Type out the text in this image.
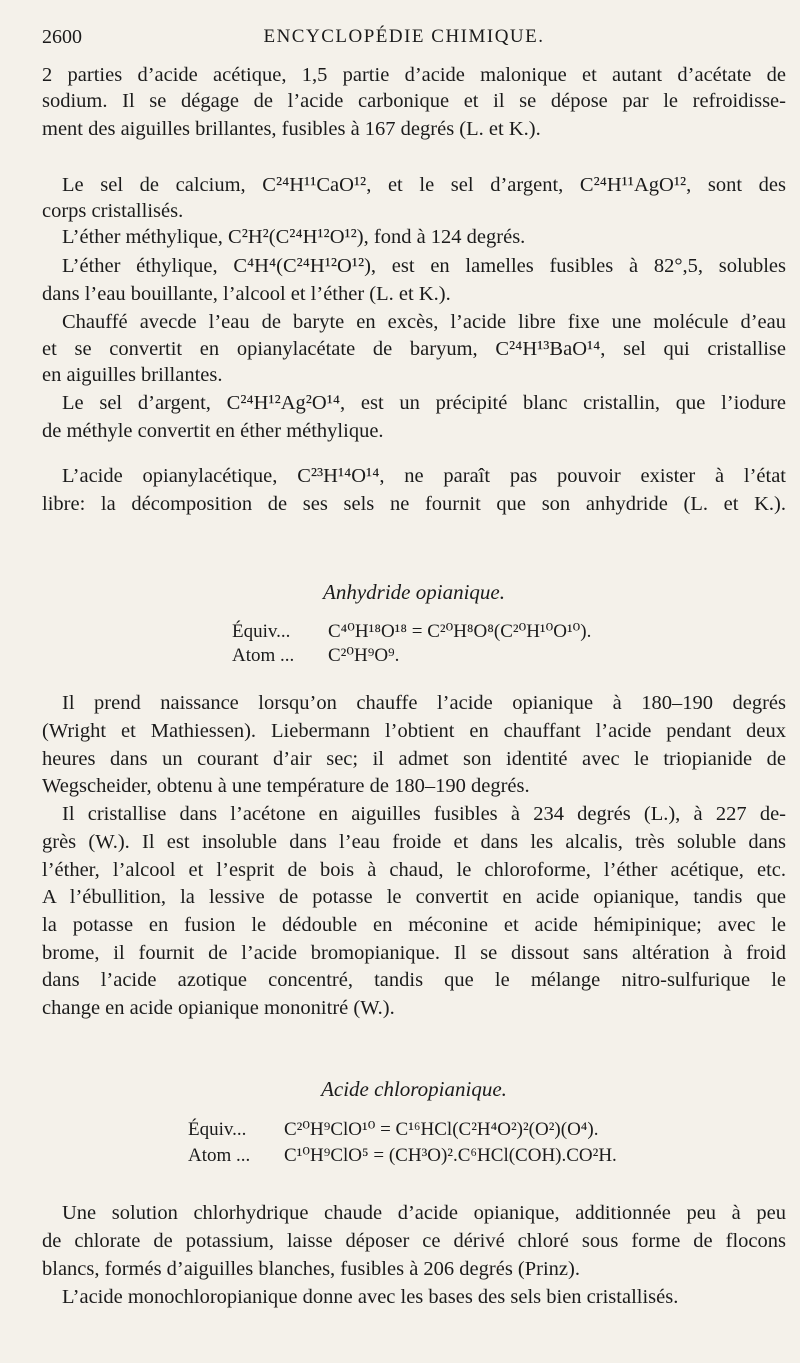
2600	ENCYCLOPÉDIE CHIMIQUE.
2 parties d’acide acétique, 1,5 partie d’acide malonique et autant d’acétate de
sodium. Il se dégage de l’acide carbonique et il se dépose par le refroidisse-
ment des aiguilles brillantes, fusibles à 167 degrés (L. et K.).
Le sel de calcium, C²⁴H¹¹CaO¹², et le sel d’argent, C²⁴H¹¹AgO¹², sont des
corps cristallisés.
L’éther méthylique, C²H²(C²⁴H¹²O¹²), fond à 124 degrés.
L’éther éthylique, C⁴H⁴(C²⁴H¹²O¹²), est en lamelles fusibles à 82°,5, solubles
dans l’eau bouillante, l’alcool et l’éther (L. et K.).
Chauffé avecde l’eau de baryte en excès, l’acide libre fixe une molécule d’eau
et se convertit en opianylacétate de baryum, C²⁴H¹³BaO¹⁴, sel qui cristallise
en aiguilles brillantes.
Le sel d’argent, C²⁴H¹²Ag²O¹⁴, est un précipité blanc cristallin, que l’iodure
de méthyle convertit en éther méthylique.
L’acide opianylacétique, C²³H¹⁴O¹⁴, ne paraît pas pouvoir exister à l’état
libre: la décomposition de ses sels ne fournit que son anhydride (L. et K.).
Anhydride opianique.
Équiv... C⁴⁰H¹⁸O¹⁸ = C²⁰H⁸O⁸(C²⁰H¹⁰O¹⁰).
Atom ... C²⁰H⁹O⁹.
Il prend naissance lorsqu’on chauffe l’acide opianique à 180–190 degrés
(Wright et Mathiessen). Liebermann l’obtient en chauffant l’acide pendant deux
heures dans un courant d’air sec; il admet son identité avec le triopianide de
Wegscheider, obtenu à une température de 180–190 degrés.
Il cristallise dans l’acétone en aiguilles fusibles à 234 degrés (L.), à 227 de-
grès (W.). Il est insoluble dans l’eau froide et dans les alcalis, très soluble dans
l’éther, l’alcool et l’esprit de bois à chaud, le chloroforme, l’éther acétique, etc.
A l’ébullition, la lessive de potasse le convertit en acide opianique, tandis que
la potasse en fusion le dédouble en méconine et acide hémipinique; avec le
brome, il fournit de l’acide bromopianique. Il se dissout sans altération à froid
dans l’acide azotique concentré, tandis que le mélange nitro-sulfurique le
change en acide opianique mononitré (W.).
Acide chloropianique.
Équiv... C²⁰H⁹ClO¹⁰ = C¹⁶HCl(C²H⁴O²)²(O²)(O⁴).
Atom ... C¹⁰H⁹ClO⁵ = (CH³O)².C⁶HCl(COH).CO²H.
Une solution chlorhydrique chaude d’acide opianique, additionnée peu à peu
de chlorate de potassium, laisse déposer ce dérivé chloré sous forme de flocons
blancs, formés d’aiguilles blanches, fusibles à 206 degrés (Prinz).
L’acide monochloropianique donne avec les bases des sels bien cristallisés.
